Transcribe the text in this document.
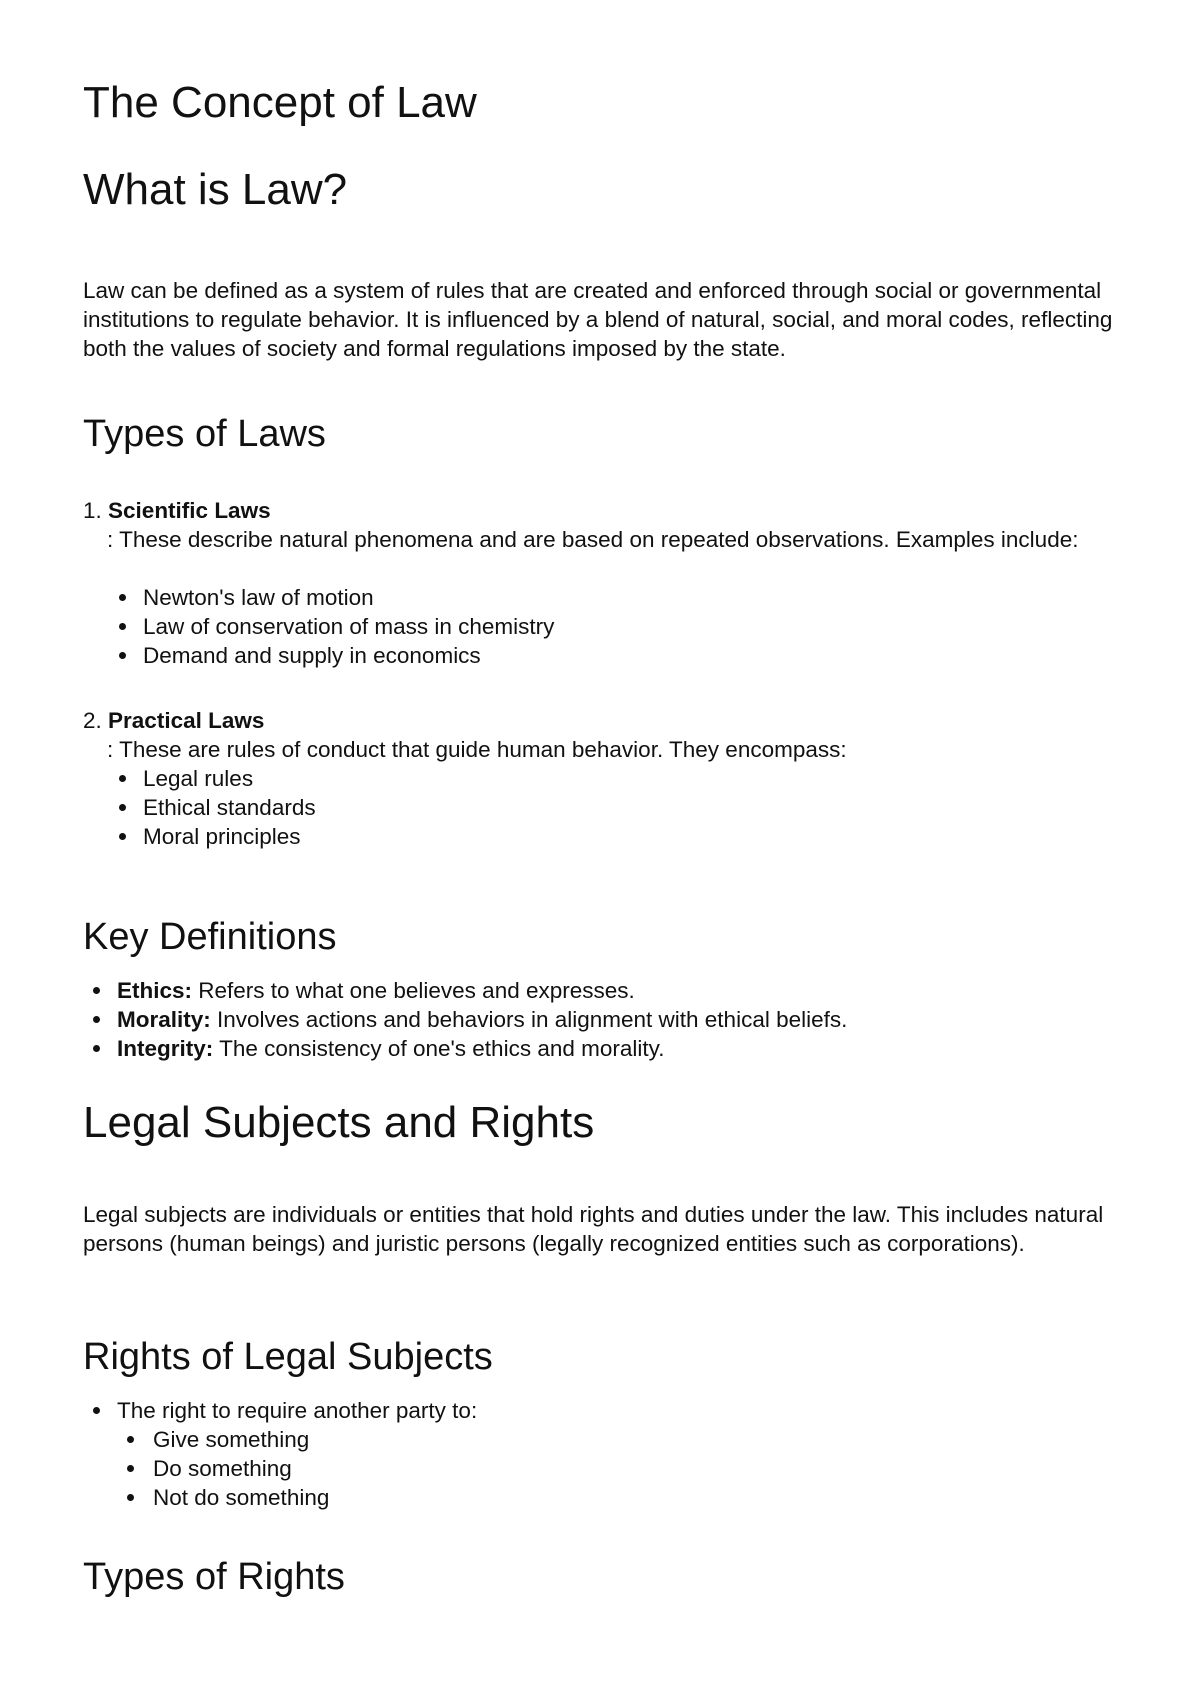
The Concept of Law
What is Law?

Law can be defined as a system of rules that are created and enforced through social or governmental institutions to regulate behavior. It is influenced by a blend of natural, social, and moral codes, reflecting both the values of society and formal regulations imposed by the state.

Types of Laws
1. Scientific Laws
: These describe natural phenomena and are based on repeated observations. Examples include:
Newton's law of motion
Law of conservation of mass in chemistry
Demand and supply in economics
2. Practical Laws
: These are rules of conduct that guide human behavior. They encompass:
Legal rules
Ethical standards
Moral principles
Key Definitions
Ethics: Refers to what one believes and expresses.
Morality: Involves actions and behaviors in alignment with ethical beliefs.
Integrity: The consistency of one's ethics and morality.
Legal Subjects and Rights

Legal subjects are individuals or entities that hold rights and duties under the law. This includes natural persons (human beings) and juristic persons (legally recognized entities such as corporations).

Rights of Legal Subjects
The right to require another party to:
Give something
Do something
Not do something
Types of Rights
